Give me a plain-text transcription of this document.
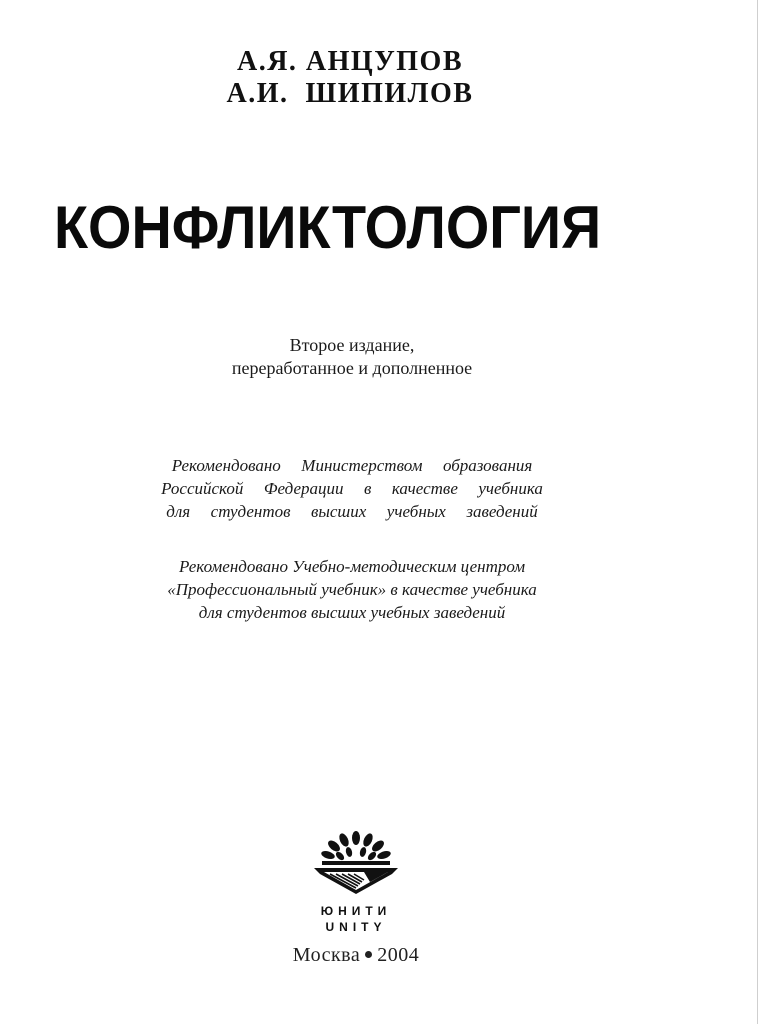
А.Я. АНЦУПОВ
А.И.  ШИПИЛОВ
КОНФЛИКТОЛОГИЯ
Второе издание,
переработанное и дополненное
Рекомендовано  Министерством  образования
Российской  Федерации  в  качестве  учебника
для  студентов  высших  учебных  заведений
Рекомендовано Учебно-методическим центром
«Профессиональный учебник» в качестве учебника
для студентов высших учебных заведений
ЮНИТИ
UNITY
Москва 2004
